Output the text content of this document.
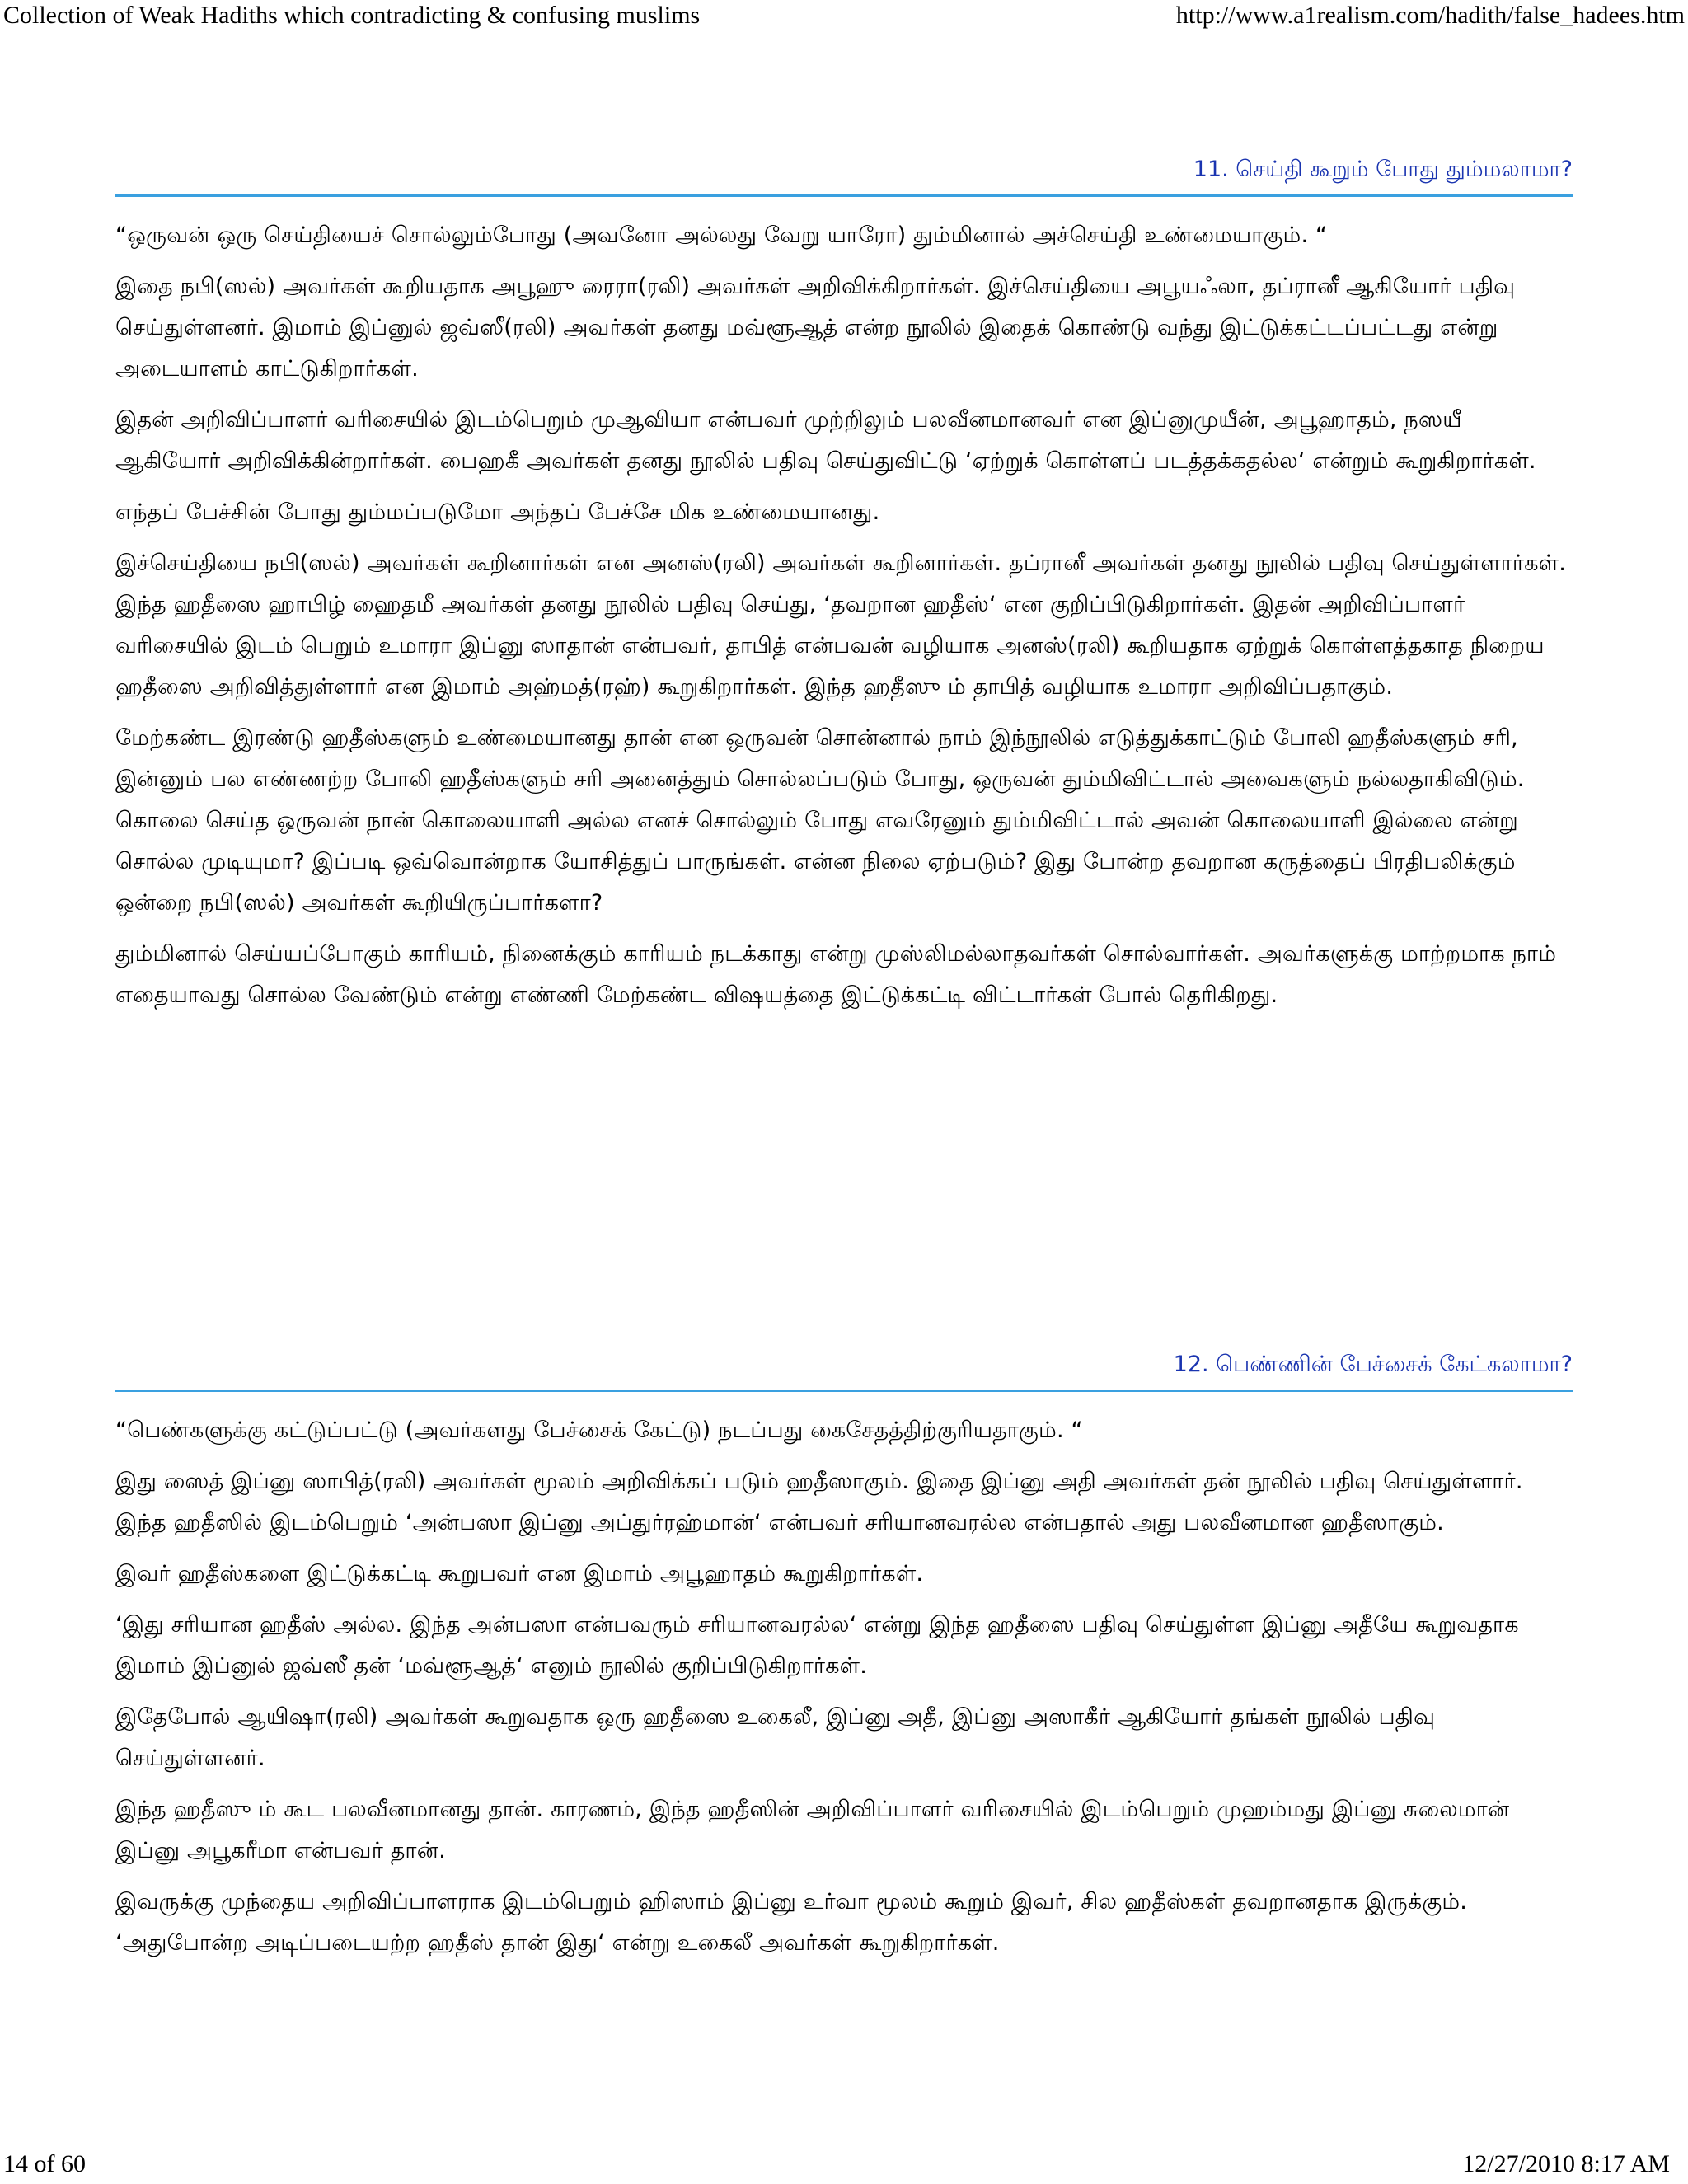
Collection of Weak Hadiths which contradicting & confusing muslims	http://www.a1realism.com/hadith/false_hadees.htm
11. செய்தி கூறும் போது தும்மலாமா?

“ஒருவன் ஒரு செய்தியைச் சொல்லும்போது (அவனோ அல்லது வேறு யாரோ) தும்மினால் அச்செய்தி உண்மையாகும். “

இதை நபி(ஸல்) அவர்கள் கூறியதாக அபூஹு ரைரா(ரலி) அவர்கள் அறிவிக்கிறார்கள். இச்செய்தியை அபூயஃலா, தப்ரானீ ஆகியோர் பதிவு செய்துள்ளனர். இமாம் இப்னுல் ஜவ்ஸீ(ரலி) அவர்கள் தனது மவ்ளூஆத் என்ற நூலில் இதைக் கொண்டு வந்து இட்டுக்கட்டப்பட்டது என்று அடையாளம் காட்டுகிறார்கள்.

இதன் அறிவிப்பாளர் வரிசையில் இடம்பெறும் முஆவியா என்பவர் முற்றிலும் பலவீனமானவர் என இப்னுமுயீன், அபூஹாதம், நஸயீ ஆகியோர் அறிவிக்கின்றார்கள். பைஹகீ அவர்கள் தனது நூலில் பதிவு செய்துவிட்டு ‘ஏற்றுக் கொள்ளப் படத்தக்கதல்ல‘ என்றும் கூறுகிறார்கள்.

எந்தப் பேச்சின் போது தும்மப்படுமோ அந்தப் பேச்சே மிக உண்மையானது.

இச்செய்தியை நபி(ஸல்) அவர்கள் கூறினார்கள் என அனஸ்(ரலி) அவர்கள் கூறினார்கள். தப்ரானீ அவர்கள் தனது நூலில் பதிவு செய்துள்ளார்கள். இந்த ஹதீஸை ஹாபிழ் ஹைதமீ அவர்கள் தனது நூலில் பதிவு செய்து, ‘தவறான ஹதீஸ்‘ என குறிப்பிடுகிறார்கள். இதன் அறிவிப்பாளர் வரிசையில் இடம் பெறும் உமாரா இப்னு ஸாதான் என்பவர், தாபித் என்பவன் வழியாக அனஸ்(ரலி) கூறியதாக ஏற்றுக் கொள்ளத்தகாத நிறைய ஹதீஸை அறிவித்துள்ளார் என இமாம் அஹ்மத்(ரஹ்) கூறுகிறார்கள். இந்த ஹதீஸு ம் தாபித் வழியாக உமாரா அறிவிப்பதாகும்.

மேற்கண்ட இரண்டு ஹதீஸ்களும் உண்மையானது தான் என ஒருவன் சொன்னால் நாம் இந்நூலில் எடுத்துக்காட்டும் போலி ஹதீஸ்களும் சரி, இன்னும் பல எண்ணற்ற போலி ஹதீஸ்களும் சரி அனைத்தும் சொல்லப்படும் போது, ஒருவன் தும்மிவிட்டால் அவைகளும் நல்லதாகிவிடும். கொலை செய்த ஒருவன் நான் கொலையாளி அல்ல எனச் சொல்லும் போது எவரேனும் தும்மிவிட்டால் அவன் கொலையாளி இல்லை என்று சொல்ல முடியுமா? இப்படி ஒவ்வொன்றாக யோசித்துப் பாருங்கள். என்ன நிலை ஏற்படும்? இது போன்ற தவறான கருத்தைப் பிரதிபலிக்கும் ஒன்றை நபி(ஸல்) அவர்கள் கூறியிருப்பார்களா?

தும்மினால் செய்யப்போகும் காரியம், நினைக்கும் காரியம் நடக்காது என்று முஸ்லிமல்லாதவர்கள் சொல்வார்கள். அவர்களுக்கு மாற்றமாக நாம் எதையாவது சொல்ல வேண்டும் என்று எண்ணி மேற்கண்ட விஷயத்தை இட்டுக்கட்டி விட்டார்கள் போல் தெரிகிறது.

12. பெண்ணின் பேச்சைக் கேட்கலாமா?

“பெண்களுக்கு கட்டுப்பட்டு (அவர்களது பேச்சைக் கேட்டு) நடப்பது கைசேதத்திற்குரியதாகும். “

இது ஸைத் இப்னு ஸாபித்(ரலி) அவர்கள் மூலம் அறிவிக்கப் படும் ஹதீஸாகும். இதை இப்னு அதி அவர்கள் தன் நூலில் பதிவு செய்துள்ளார். இந்த ஹதீஸில் இடம்பெறும் ‘அன்பஸா இப்னு அப்துர்ரஹ்மான்‘ என்பவர் சரியானவரல்ல என்பதால் அது பலவீனமான ஹதீஸாகும்.

இவர் ஹதீஸ்களை இட்டுக்கட்டி கூறுபவர் என இமாம் அபூஹாதம் கூறுகிறார்கள்.

‘இது சரியான ஹதீஸ் அல்ல. இந்த அன்பஸா என்பவரும் சரியானவரல்ல‘ என்று இந்த ஹதீஸை பதிவு செய்துள்ள இப்னு அதீயே கூறுவதாக இமாம் இப்னுல் ஜவ்ஸீ தன் ‘மவ்ளூஆத்‘ எனும் நூலில் குறிப்பிடுகிறார்கள்.

இதேபோல் ஆயிஷா(ரலி) அவர்கள் கூறுவதாக ஒரு ஹதீஸை உகைலீ, இப்னு அதீ, இப்னு அஸாகீர் ஆகியோர் தங்கள் நூலில் பதிவு செய்துள்ளனர்.

இந்த ஹதீஸு ம் கூட பலவீனமானது தான். காரணம், இந்த ஹதீஸின் அறிவிப்பாளர் வரிசையில் இடம்பெறும் முஹம்மது இப்னு சுலைமான் இப்னு அபூகரீமா என்பவர் தான்.

இவருக்கு முந்தைய அறிவிப்பாளராக இடம்பெறும் ஹிஸாம் இப்னு உர்வா மூலம் கூறும் இவர், சில ஹதீஸ்கள் தவறானதாக இருக்கும். ‘அதுபோன்ற அடிப்படையற்ற ஹதீஸ் தான் இது‘ என்று உகைலீ அவர்கள் கூறுகிறார்கள்.

14 of 60	12/27/2010 8:17 AM
